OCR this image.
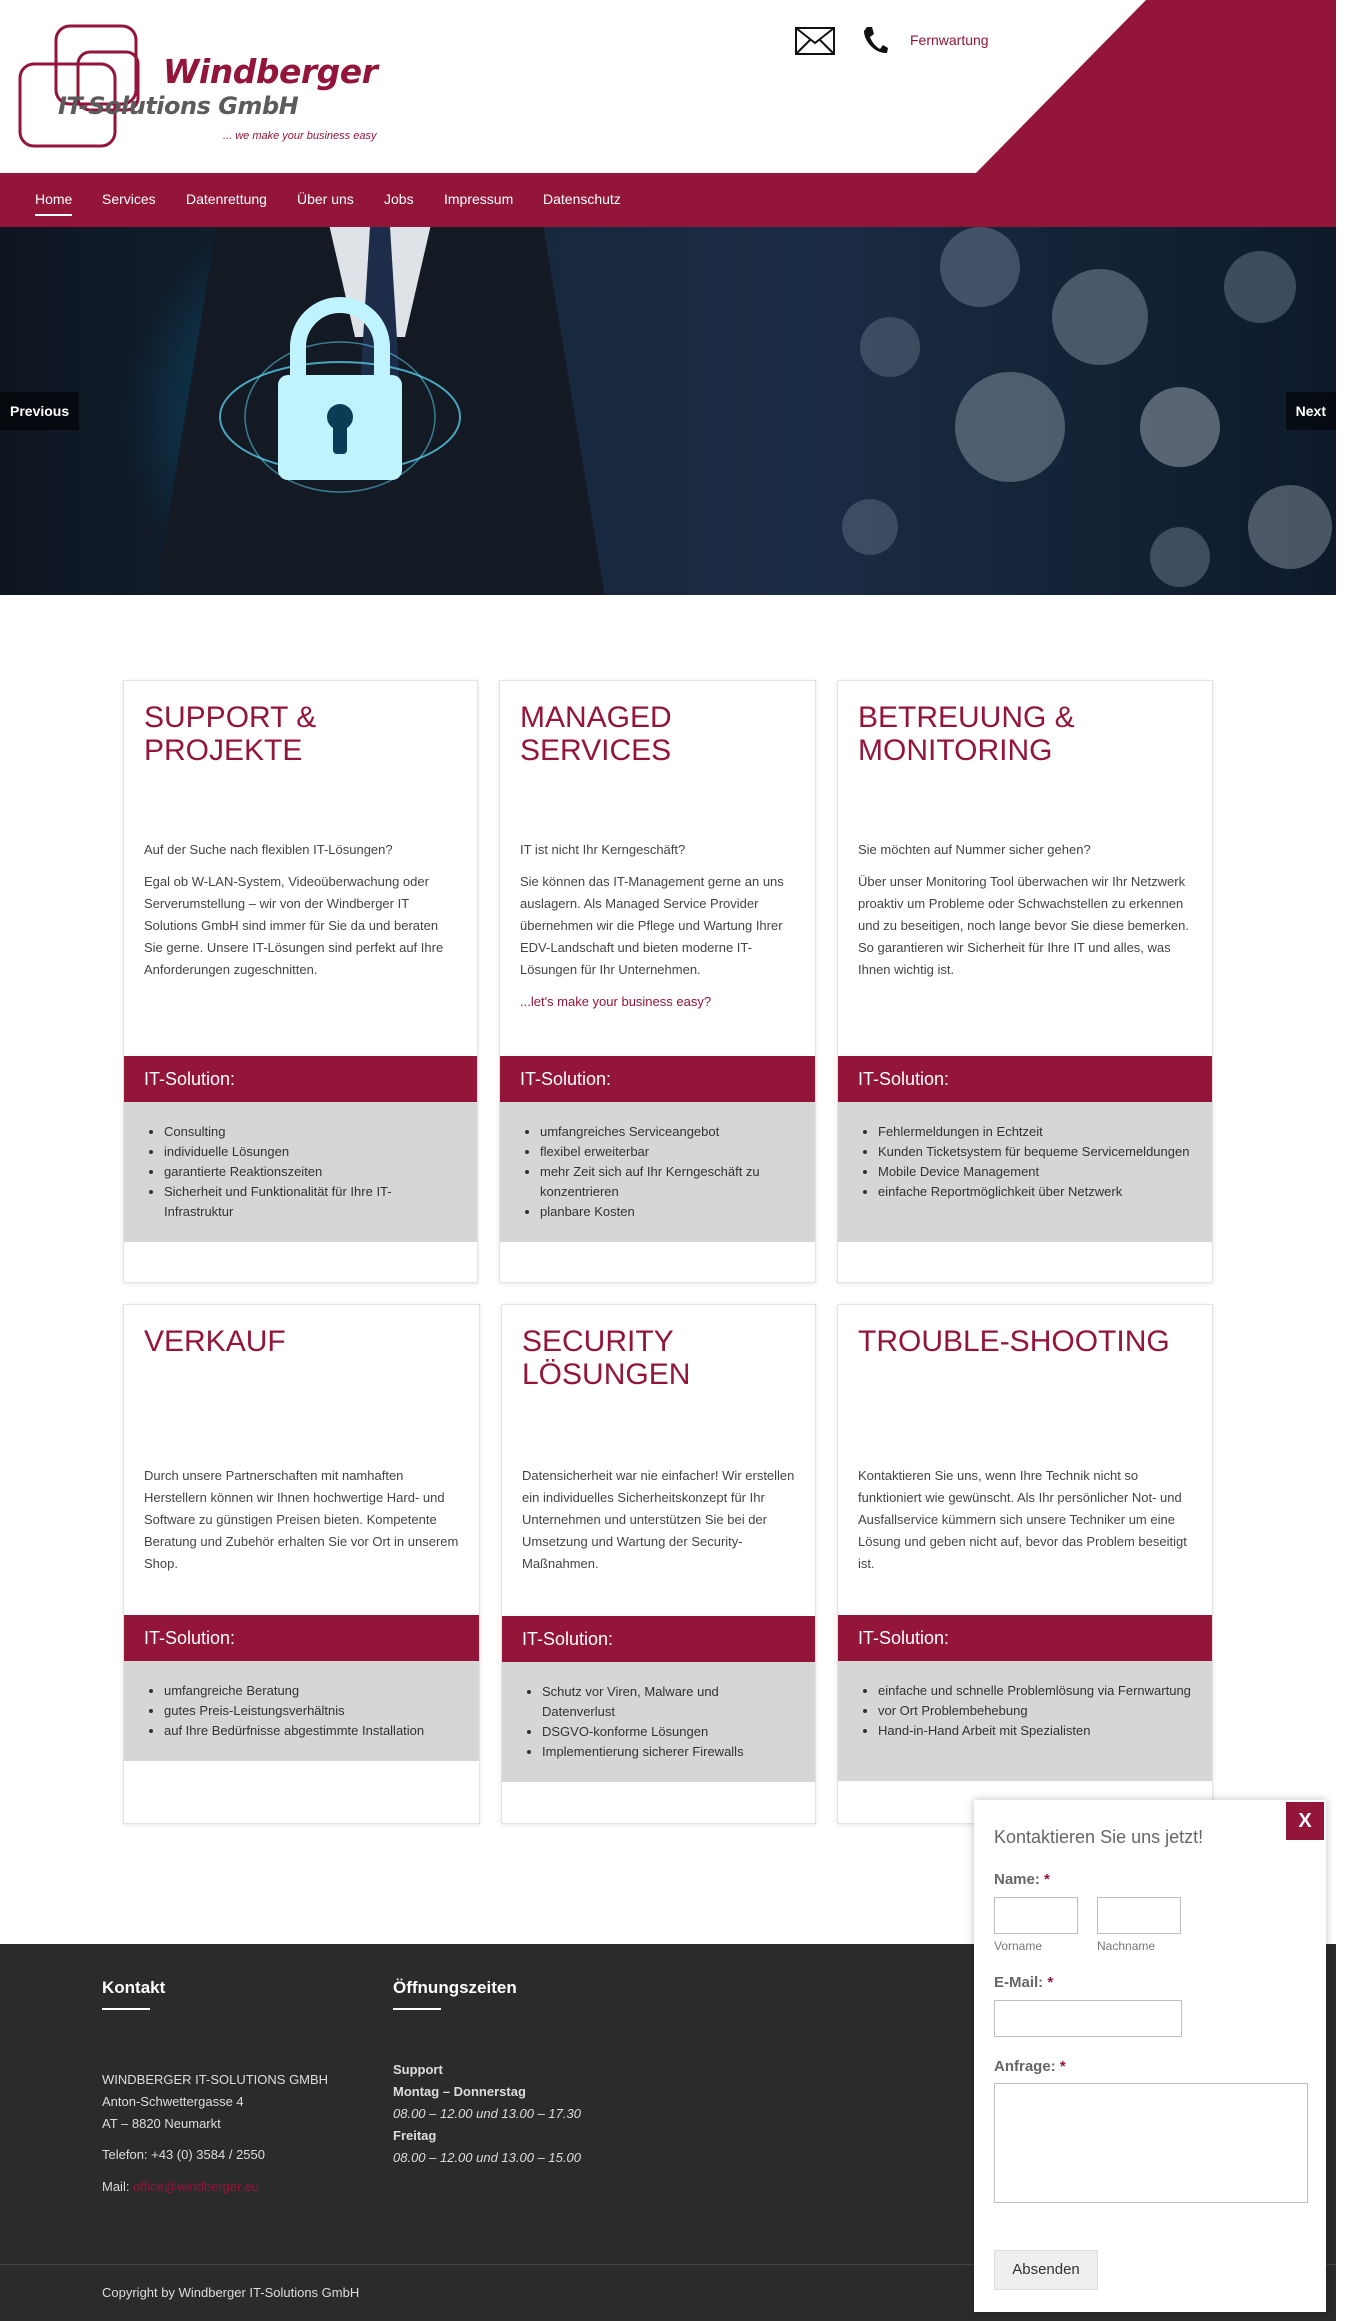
Windberger
IT-Solutions GmbH
... we make your business easy
Fernwartung
Home Services Datenrettung Über uns Jobs Impressum Datenschutz
Previous	Next
SUPPORT &
PROJEKTE

Auf der Suche nach flexiblen IT-Lösungen?

Egal ob W-LAN-System, Videoüberwachung oder Serverumstellung – wir von der Windberger IT Solutions GmbH sind immer für Sie da und beraten Sie gerne. Unsere IT-Lösungen sind perfekt auf Ihre Anforderungen zugeschnitten.

IT-Solution:
• Consulting
• individuelle Lösungen
• garantierte Reaktionszeiten
• Sicherheit und Funktionalität für Ihre IT-Infrastruktur
MANAGED
SERVICES

IT ist nicht Ihr Kerngeschäft?

Sie können das IT-Management gerne an uns auslagern. Als Managed Service Provider übernehmen wir die Pflege und Wartung Ihrer EDV-Landschaft und bieten moderne IT-Lösungen für Ihr Unternehmen.

...let's make your business easy?

IT-Solution:
• umfangreiches Serviceangebot
• flexibel erweiterbar
• mehr Zeit sich auf Ihr Kerngeschäft zu konzentrieren
• planbare Kosten
BETREUUNG &
MONITORING

Sie möchten auf Nummer sicher gehen?

Über unser Monitoring Tool überwachen wir Ihr Netzwerk proaktiv um Probleme oder Schwachstellen zu erkennen und zu beseitigen, noch lange bevor Sie diese bemerken. So garantieren wir Sicherheit für Ihre IT und alles, was Ihnen wichtig ist.

IT-Solution:
• Fehlermeldungen in Echtzeit
• Kunden Ticketsystem für bequeme Servicemeldungen
• Mobile Device Management
• einfache Reportmöglichkeit über Netzwerk
VERKAUF

Durch unsere Partnerschaften mit namhaften Herstellern können wir Ihnen hochwertige Hard- und Software zu günstigen Preisen bieten. Kompetente Beratung und Zubehör erhalten Sie vor Ort in unserem Shop.

IT-Solution:
• umfangreiche Beratung
• gutes Preis-Leistungsverhältnis
• auf Ihre Bedürfnisse abgestimmte Installation
SECURITY
LÖSUNGEN

Datensicherheit war nie einfacher! Wir erstellen ein individuelles Sicherheitskonzept für Ihr Unternehmen und unterstützen Sie bei der Umsetzung und Wartung der Security-Maßnahmen.

IT-Solution:
• Schutz vor Viren, Malware und Datenverlust
• DSGVO-konforme Lösungen
• Implementierung sicherer Firewalls
TROUBLE-SHOOTING

Kontaktieren Sie uns, wenn Ihre Technik nicht so funktioniert wie gewünscht. Als Ihr persönlicher Not- und Ausfallservice kümmern sich unsere Techniker um eine Lösung und geben nicht auf, bevor das Problem beseitigt ist.

IT-Solution:
• einfache und schnelle Problemlösung via Fernwartung
• vor Ort Problembehebung
• Hand-in-Hand Arbeit mit Spezialisten
Kontakt
WINDBERGER IT-SOLUTIONS GMBH
Anton-Schwettergasse 4
AT – 8820 Neumarkt
Telefon: +43 (0) 3584 / 2550
Mail: office@windberger.eu
Öffnungszeiten
Support
Montag – Donnerstag
08.00 – 12.00 und 13.00 – 17.30
Freitag
08.00 – 12.00 und 13.00 – 15.00
Copyright by Windberger IT-Solutions GmbH
Kontaktieren Sie uns jetzt!
X
Name: *
Vorname	Nachname
E-Mail: *
Anfrage: *
Absenden
